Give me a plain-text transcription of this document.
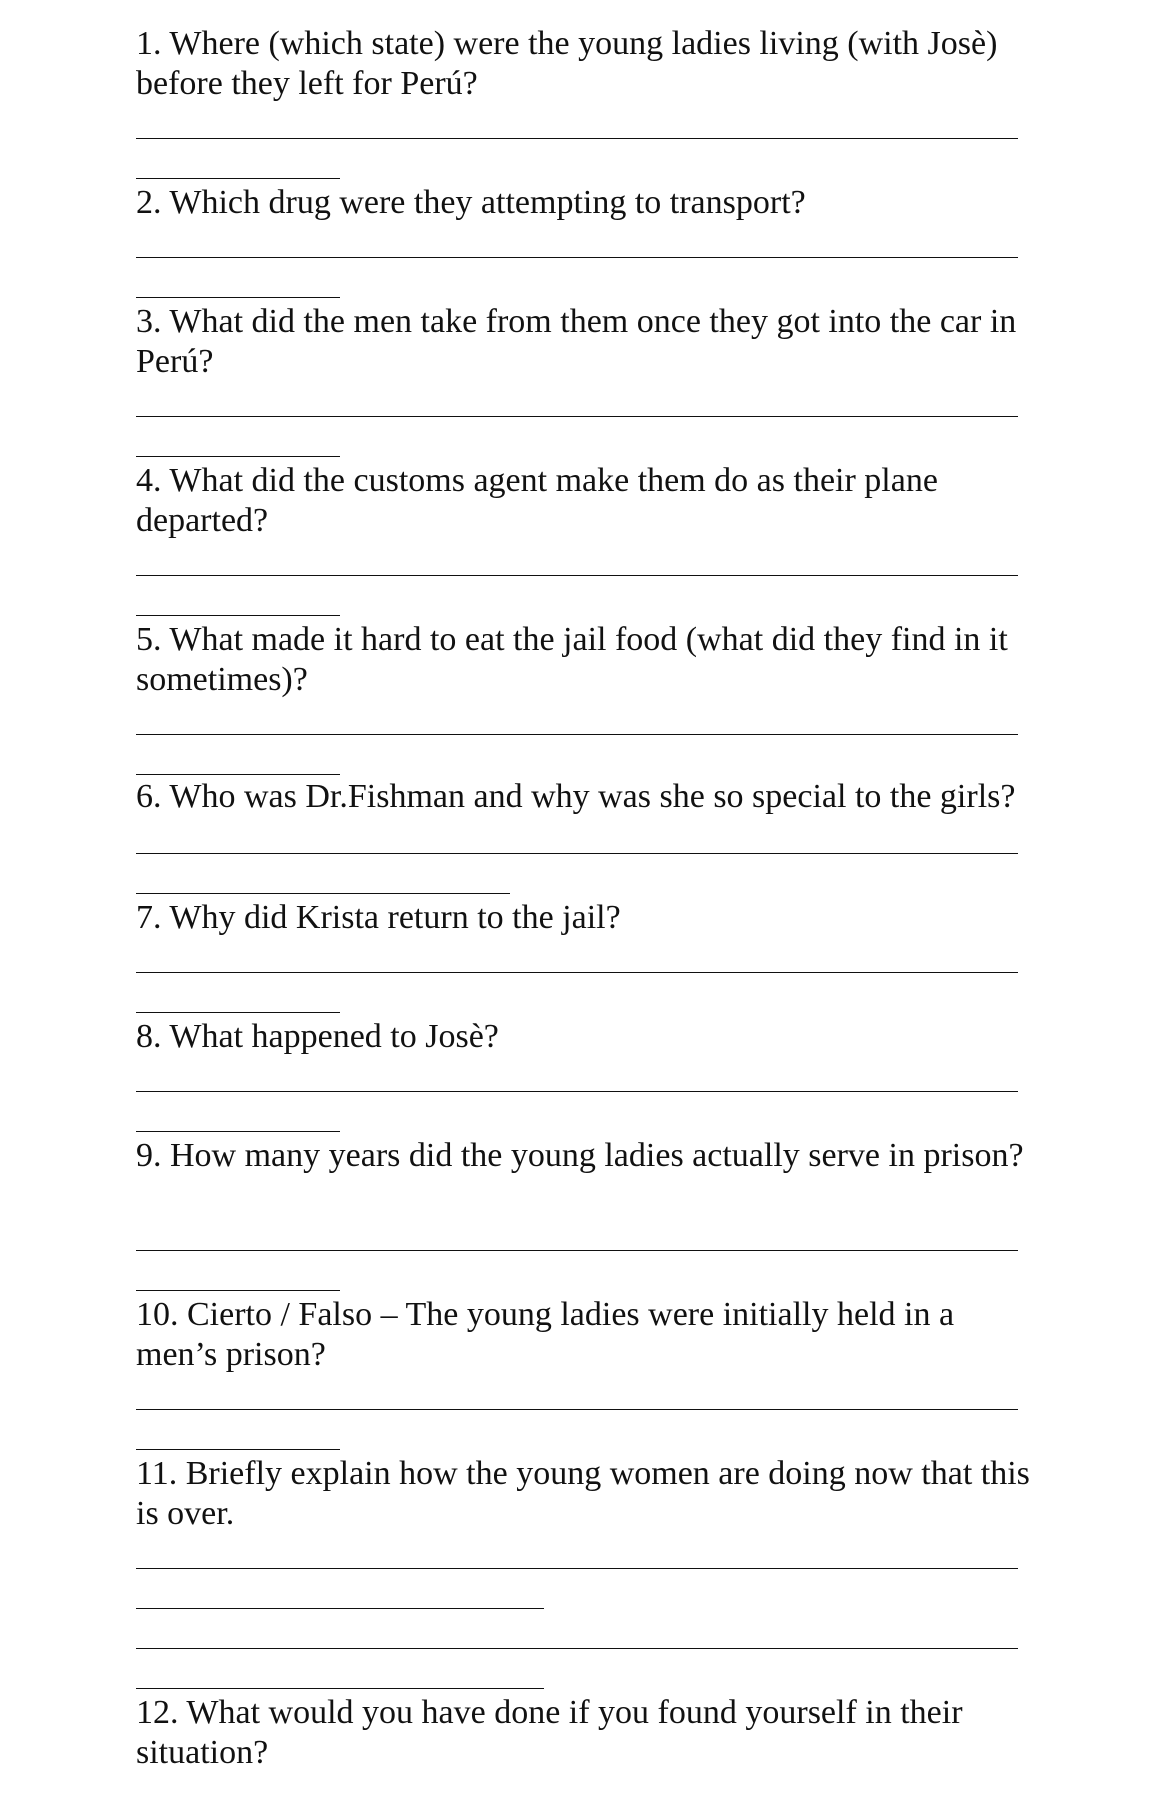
1. Where (which state) were the young ladies living (with Josè) before they left for Perú?

2. Which drug were they attempting to transport?

3. What did the men take from them once they got into the car in Perú?

4. What did the customs agent make them do as their plane departed?

5. What made it hard to eat the jail food (what did they find in it sometimes)?

6. Who was Dr.Fishman and why was she so special to the girls?

7. Why did Krista return to the jail?

8. What happened to Josè?

9. How many years did the young ladies actually serve in prison?

10. Cierto / Falso – The young ladies were initially held in a men’s prison?

11. Briefly explain how the young women are doing now that this is over.

12. What would you have done if you found yourself in their situation?
